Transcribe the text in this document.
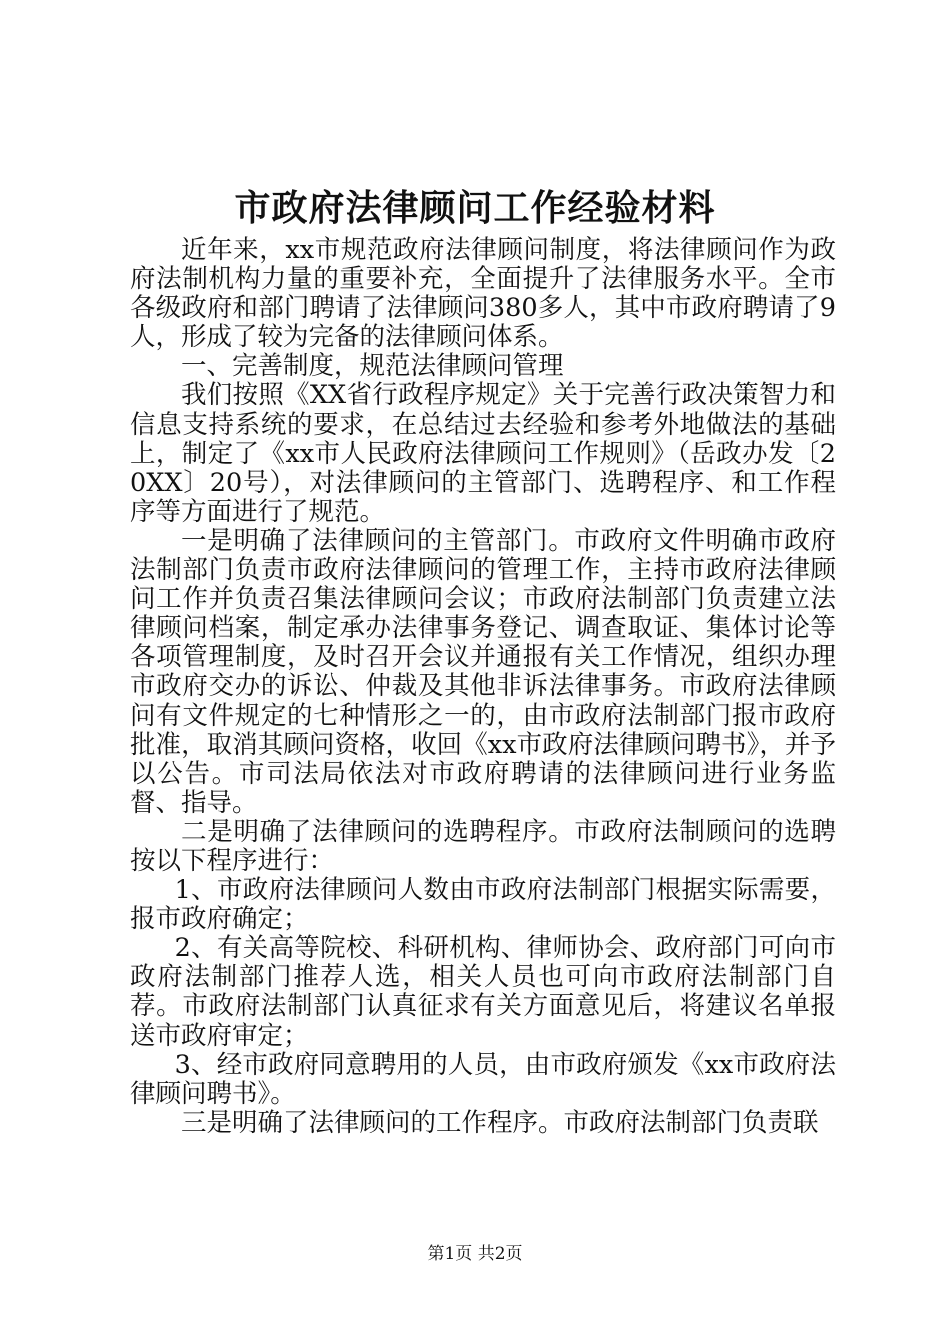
市政府法律顾问工作经验材料

近年来，xx市规范政府法律顾问制度，将法律顾问作为政府法制机构力量的重要补充，全面提升了法律服务水平。全市各级政府和部门聘请了法律顾问380多人，其中市政府聘请了9人，形成了较为完备的法律顾问体系。

一、完善制度，规范法律顾问管理

我们按照《XX省行政程序规定》关于完善行政决策智力和信息支持系统的要求，在总结过去经验和参考外地做法的基础上，制定了《xx市人民政府法律顾问工作规则》（岳政办发〔20XX〕20号），对法律顾问的主管部门、选聘程序、和工作程序等方面进行了规范。

一是明确了法律顾问的主管部门。市政府文件明确市政府法制部门负责市政府法律顾问的管理工作，主持市政府法律顾问工作并负责召集法律顾问会议；市政府法制部门负责建立法律顾问档案，制定承办法律事务登记、调查取证、集体讨论等各项管理制度，及时召开会议并通报有关工作情况，组织办理市政府交办的诉讼、仲裁及其他非诉法律事务。市政府法律顾问有文件规定的七种情形之一的，由市政府法制部门报市政府批准，取消其顾问资格，收回《xx市政府法律顾问聘书》，并予以公告。市司法局依法对市政府聘请的法律顾问进行业务监督、指导。

二是明确了法律顾问的选聘程序。市政府法制顾问的选聘按以下程序进行：

1、市政府法律顾问人数由市政府法制部门根据实际需要，报市政府确定；

2、有关高等院校、科研机构、律师协会、政府部门可向市政府法制部门推荐人选，相关人员也可向市政府法制部门自荐。市政府法制部门认真征求有关方面意见后，将建议名单报送市政府审定；

3、经市政府同意聘用的人员，由市政府颁发《xx市政府法律顾问聘书》。

三是明确了法律顾问的工作程序。市政府法制部门负责联

第1页 共2页
